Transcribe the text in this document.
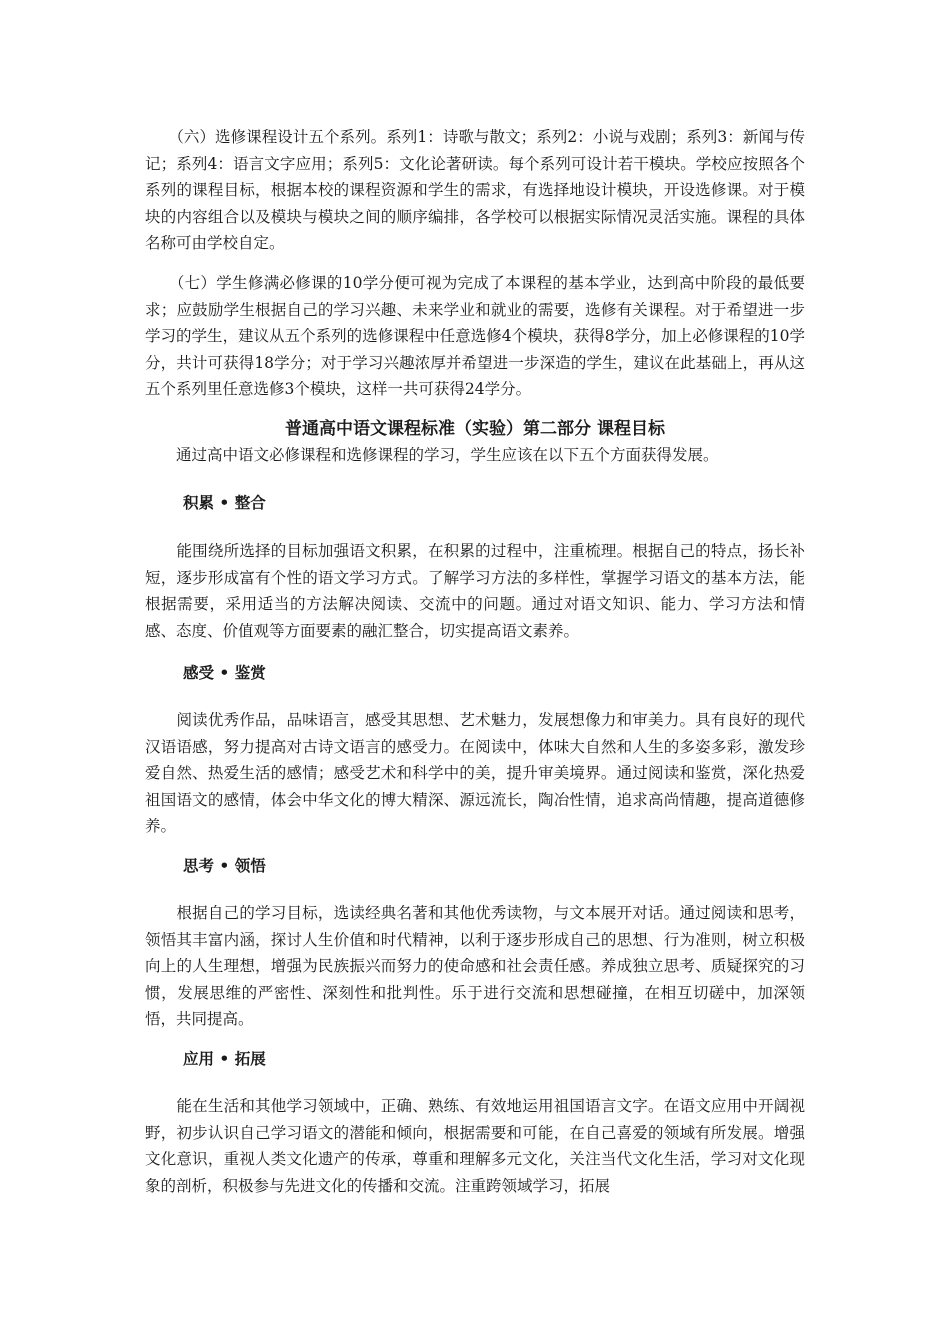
　　（六）选修课程设计五个系列。系列1：诗歌与散文；系列2：小说与戏剧；系列3：新闻与传记；系列4：语言文字应用；系列5：文化论著研读。每个系列可设计若干模块。学校应按照各个系列的课程目标，根据本校的课程资源和学生的需求，有选择地设计模块，开设选修课。对于模块的内容组合以及模块与模块之间的顺序编排，各学校可以根据实际情况灵活实施。课程的具体名称可由学校自定。

　　（七）学生修满必修课的10学分便可视为完成了本课程的基本学业，达到高中阶段的最低要求；应鼓励学生根据自己的学习兴趣、未来学业和就业的需要，选修有关课程。对于希望进一步学习的学生，建议从五个系列的选修课程中任意选修4个模块，获得8学分，加上必修课程的10学分，共计可获得18学分；对于学习兴趣浓厚并希望进一步深造的学生，建议在此基础上，再从这五个系列里任意选修3个模块，这样一共可获得24学分。

普通高中语文课程标准（实验）第二部分 课程目标

　　通过高中语文必修课程和选修课程的学习，学生应该在以下五个方面获得发展。

积累 • 整合

　　能围绕所选择的目标加强语文积累，在积累的过程中，注重梳理。根据自己的特点，扬长补短，逐步形成富有个性的语文学习方式。了解学习方法的多样性，掌握学习语文的基本方法，能根据需要，采用适当的方法解决阅读、交流中的问题。通过对语文知识、能力、学习方法和情感、态度、价值观等方面要素的融汇整合，切实提高语文素养。

感受 • 鉴赏

　　阅读优秀作品，品味语言，感受其思想、艺术魅力，发展想像力和审美力。具有良好的现代汉语语感，努力提高对古诗文语言的感受力。在阅读中，体味大自然和人生的多姿多彩，激发珍爱自然、热爱生活的感情；感受艺术和科学中的美，提升审美境界。通过阅读和鉴赏，深化热爱祖国语文的感情，体会中华文化的博大精深、源远流长，陶冶性情，追求高尚情趣，提高道德修养。

思考 • 领悟

　　根据自己的学习目标，选读经典名著和其他优秀读物，与文本展开对话。通过阅读和思考，领悟其丰富内涵，探讨人生价值和时代精神，以利于逐步形成自己的思想、行为准则，树立积极向上的人生理想，增强为民族振兴而努力的使命感和社会责任感。养成独立思考、质疑探究的习惯，发展思维的严密性、深刻性和批判性。乐于进行交流和思想碰撞，在相互切磋中，加深领悟，共同提高。

应用 • 拓展

　　能在生活和其他学习领域中，正确、熟练、有效地运用祖国语言文字。在语文应用中开阔视野，初步认识自己学习语文的潜能和倾向，根据需要和可能，在自己喜爱的领域有所发展。增强文化意识，重视人类文化遗产的传承，尊重和理解多元文化，关注当代文化生活，学习对文化现象的剖析，积极参与先进文化的传播和交流。注重跨领域学习，拓展
